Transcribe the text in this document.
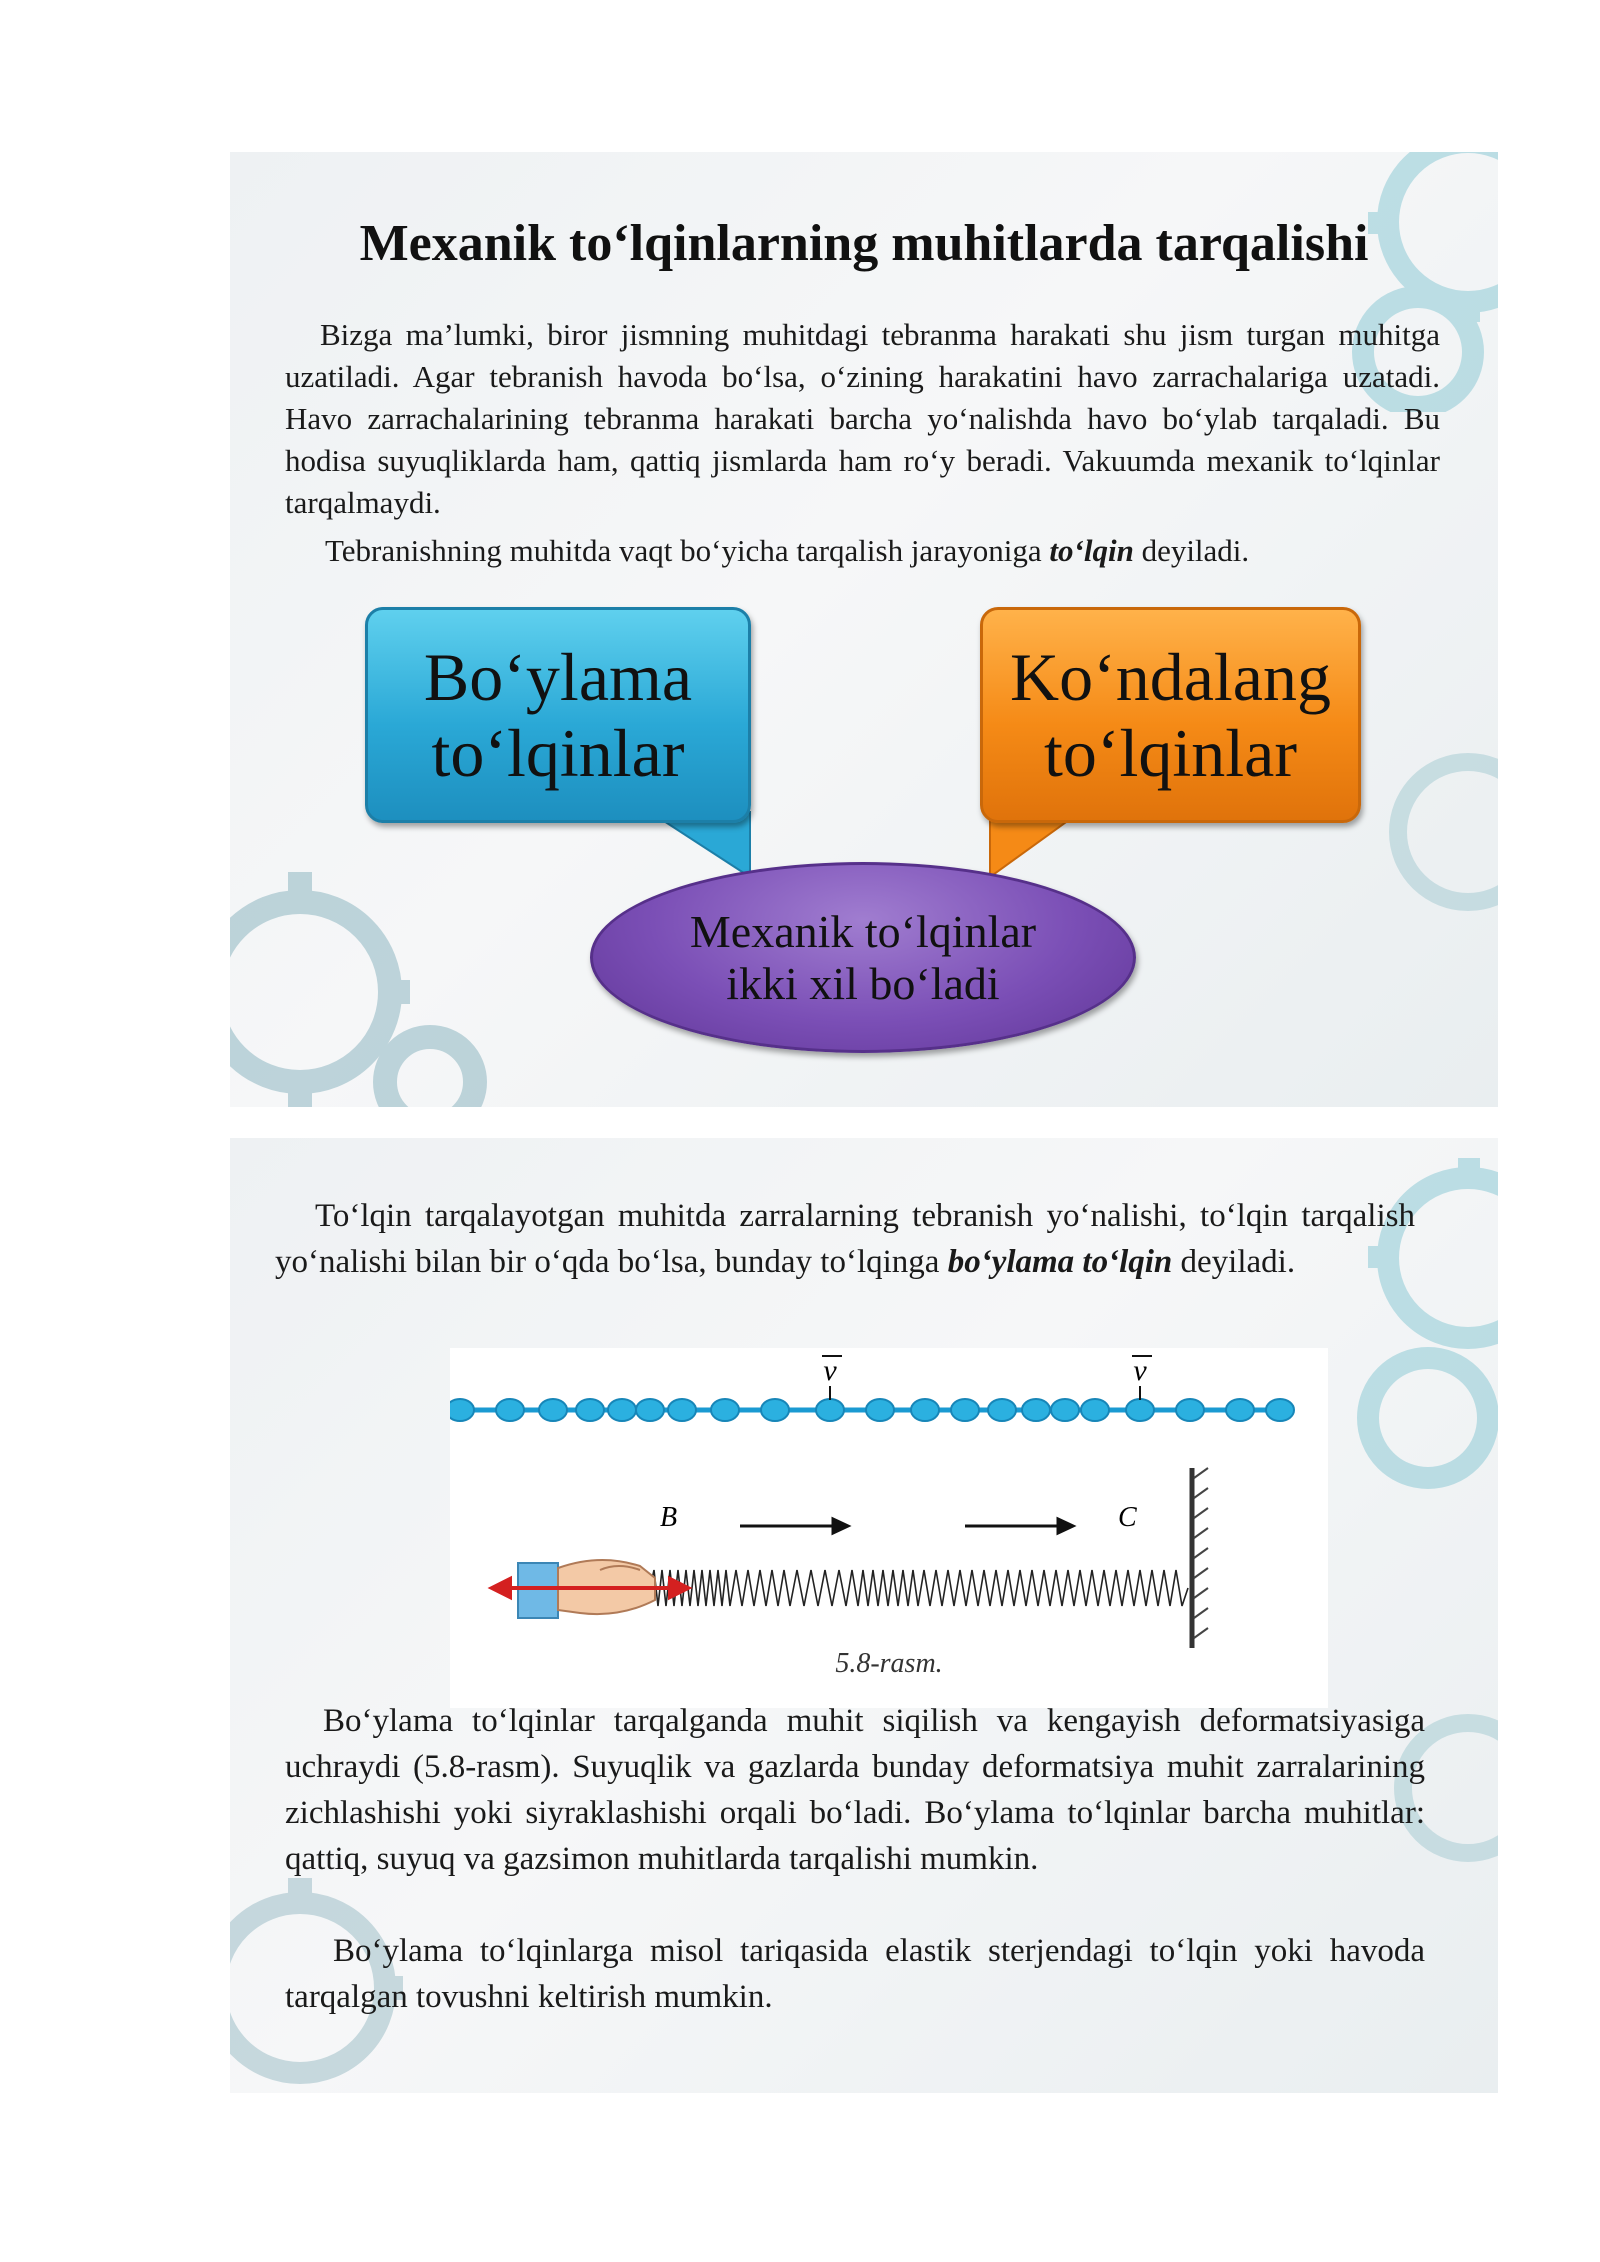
Mexanik to‘lqinlarning muhitlarda tarqalishi

Bizga ma’lumki, biror jismning muhitdagi tebranma harakati shu jism turgan muhitga uzatiladi. Agar tebranish havoda bo‘lsa, o‘zining harakatini havo zarrachalariga uzatadi. Havo zarrachalarining tebranma harakati barcha yo‘nalishda havo bo‘ylab tarqaladi. Bu hodisa suyuqliklarda ham, qattiq jismlarda ham ro‘y beradi. Vakuumda mexanik to‘lqinlar tarqalmaydi.

Tebranishning muhitda vaqt bo‘yicha tarqalish jarayoniga to‘lqin deyiladi.

Bo‘ylama
to‘lqinlar
Ko‘ndalang
to‘lqinlar
Mexanik to‘lqinlar
ikki xil bo‘ladi

To‘lqin tarqalayotgan muhitda zarralarning tebranish yo‘nalishi, to‘lqin tarqalish yo‘nalishi bilan bir o‘qda bo‘lsa, bunday to‘lqinga bo‘ylama to‘lqin deyiladi.

v	v
B	C
5.8-rasm.

Bo‘ylama to‘lqinlar tarqalganda muhit siqilish va kengayish deformatsiyasiga uchraydi (5.8-rasm). Suyuqlik va gazlarda bunday deformatsiya muhit zarralarining zichlashishi yoki siyraklashishi orqali bo‘ladi. Bo‘ylama to‘lqinlar barcha muhitlar: qattiq, suyuq va gazsimon muhitlarda tarqalishi mumkin.

Bo‘ylama to‘lqinlarga misol tariqasida elastik sterjendagi to‘lqin yoki havoda tarqalgan tovushni keltirish mumkin.
